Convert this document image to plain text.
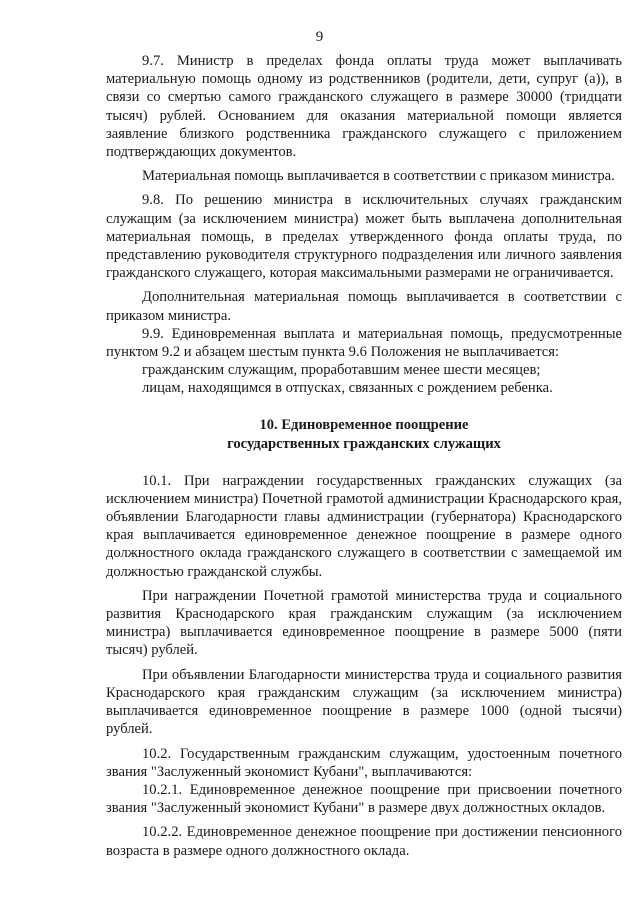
9

9.7. Министр в пределах фонда оплаты труда может выплачивать материальную помощь одному из родственников (родители, дети, супруг (а)), в связи со смертью самого гражданского служащего в размере 30000 (тридцати тысяч) рублей. Основанием для оказания материальной помощи является заявление близкого родственника гражданского служащего с приложением подтверждающих документов.

Материальная помощь выплачивается в соответствии с приказом министра.

9.8. По решению министра в исключительных случаях гражданским служащим (за исключением министра) может быть выплачена дополнительная материальная помощь, в пределах утвержденного фонда оплаты труда, по представлению руководителя структурного подразделения или личного заявления гражданского служащего, которая максимальными размерами не ограничивается.

Дополнительная материальная помощь выплачивается в соответствии с приказом министра.

9.9. Единовременная выплата и материальная помощь, предусмотренные пунктом 9.2 и абзацем шестым пункта 9.6 Положения не выплачивается:

гражданским служащим, проработавшим менее шести месяцев;

лицам, находящимся в отпусках, связанных с рождением ребенка.

10. Единовременное поощрение
государственных гражданских служащих

10.1. При награждении государственных гражданских служащих (за исключением министра) Почетной грамотой администрации Краснодарского края, объявлении Благодарности главы администрации (губернатора) Краснодарского края выплачивается единовременное денежное поощрение в размере одного должностного оклада гражданского служащего в соответствии с замещаемой им должностью гражданской службы.

При награждении Почетной грамотой министерства труда и социального развития Краснодарского края гражданским служащим (за исключением министра) выплачивается единовременное поощрение в размере 5000 (пяти тысяч) рублей.

При объявлении Благодарности министерства труда и социального развития Краснодарского края гражданским служащим (за исключением министра) выплачивается единовременное поощрение в размере 1000 (одной тысячи) рублей.

10.2. Государственным гражданским служащим, удостоенным почетного звания "Заслуженный экономист Кубани", выплачиваются:

10.2.1. Единовременное денежное поощрение при присвоении почетного звания "Заслуженный экономист Кубани" в размере двух должностных окладов.

10.2.2. Единовременное денежное поощрение при достижении пенсионного возраста в размере одного должностного оклада.
